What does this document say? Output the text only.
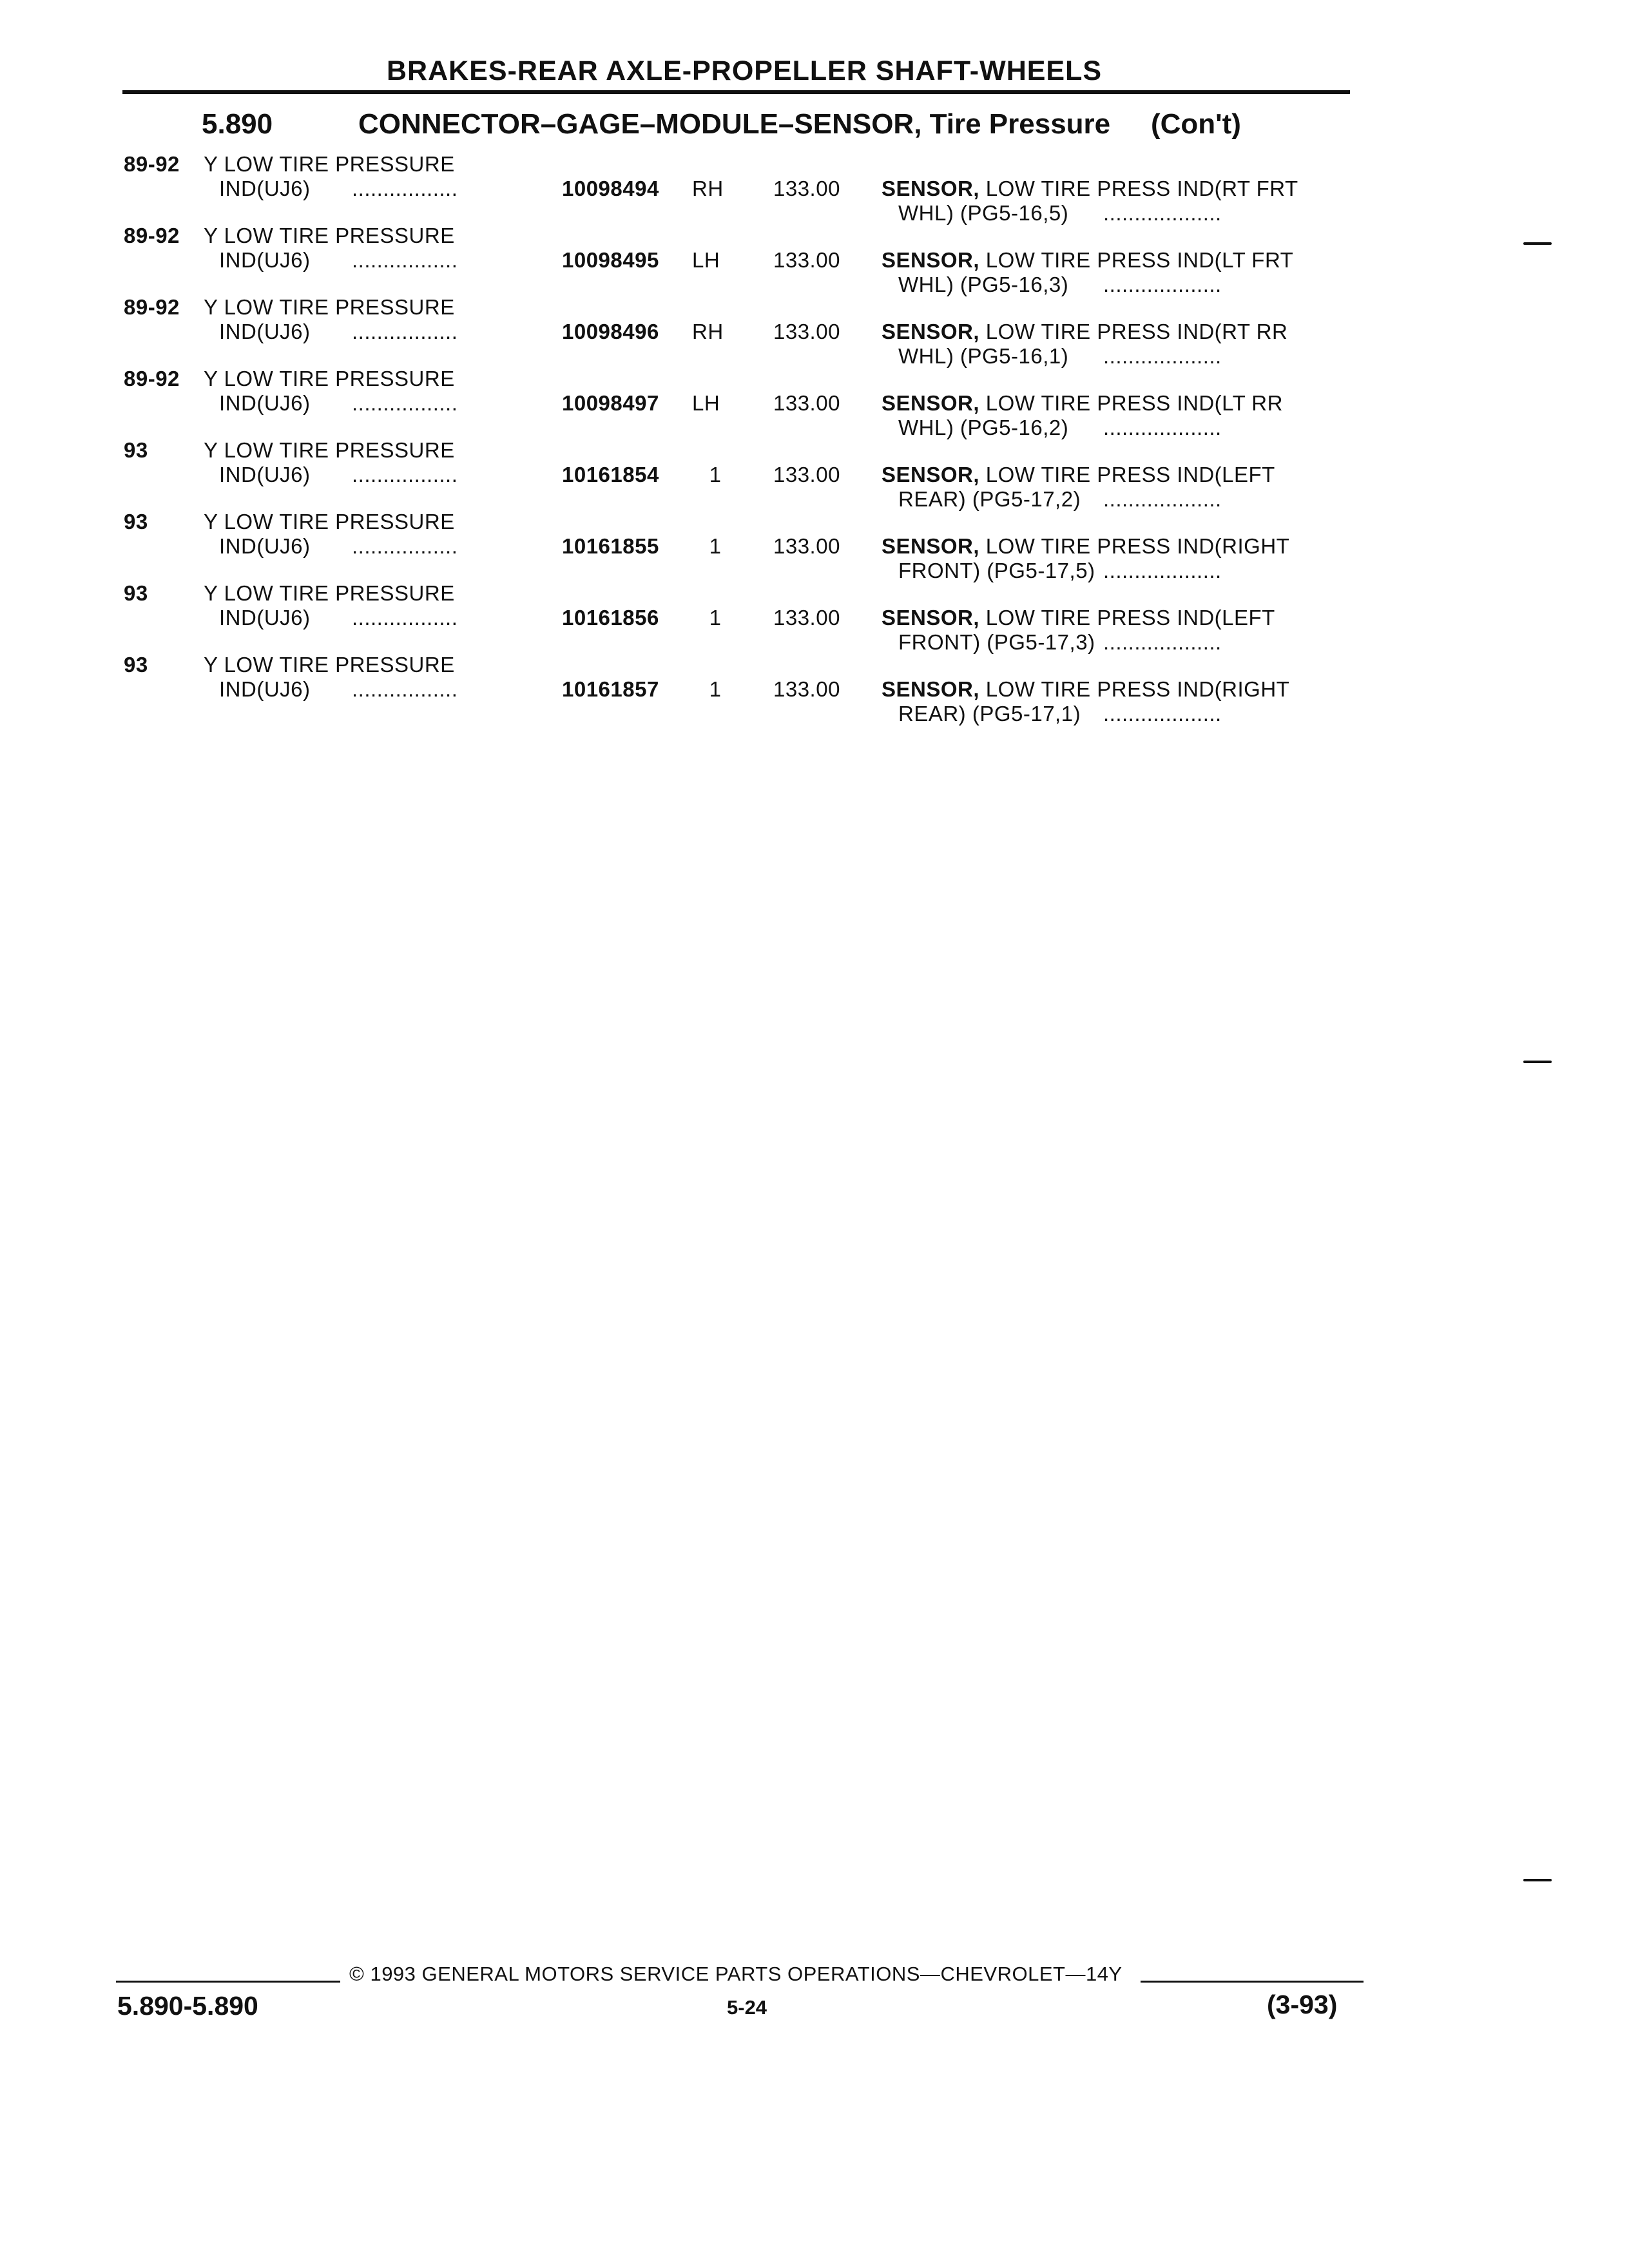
BRAKES-REAR AXLE-PROPELLER SHAFT-WHEELS
5.890	CONNECTOR–GAGE–MODULE–SENSOR, Tire Pressure (Con't)
89-92 Y LOW TIRE PRESSURE
IND(UJ6) .................	10098494 RH	133.00 SENSOR, LOW TIRE PRESS IND(RT FRT
WHL) (PG5-16,5) ...................
89-92 Y LOW TIRE PRESSURE
IND(UJ6) .................	10098495 LH	133.00 SENSOR, LOW TIRE PRESS IND(LT FRT
WHL) (PG5-16,3) ...................
89-92 Y LOW TIRE PRESSURE
IND(UJ6) .................	10098496 RH	133.00 SENSOR, LOW TIRE PRESS IND(RT RR
WHL) (PG5-16,1) ...................
89-92 Y LOW TIRE PRESSURE
IND(UJ6) .................	10098497 LH	133.00 SENSOR, LOW TIRE PRESS IND(LT RR
WHL) (PG5-16,2) ...................
93	Y LOW TIRE PRESSURE
IND(UJ6) .................	10161854	1	133.00 SENSOR, LOW TIRE PRESS IND(LEFT
REAR) (PG5-17,2) ...................
93	Y LOW TIRE PRESSURE
IND(UJ6) .................	10161855	1	133.00 SENSOR, LOW TIRE PRESS IND(RIGHT
FRONT) (PG5-17,5) ...................
93	Y LOW TIRE PRESSURE
IND(UJ6) .................	10161856	1	133.00 SENSOR, LOW TIRE PRESS IND(LEFT
FRONT) (PG5-17,3) ...................
93	Y LOW TIRE PRESSURE
IND(UJ6) .................	10161857	1	133.00 SENSOR, LOW TIRE PRESS IND(RIGHT
REAR) (PG5-17,1) ...................
© 1993 GENERAL MOTORS SERVICE PARTS OPERATIONS—CHEVROLET—14Y
5.890-5.890	5-24	(3-93)
